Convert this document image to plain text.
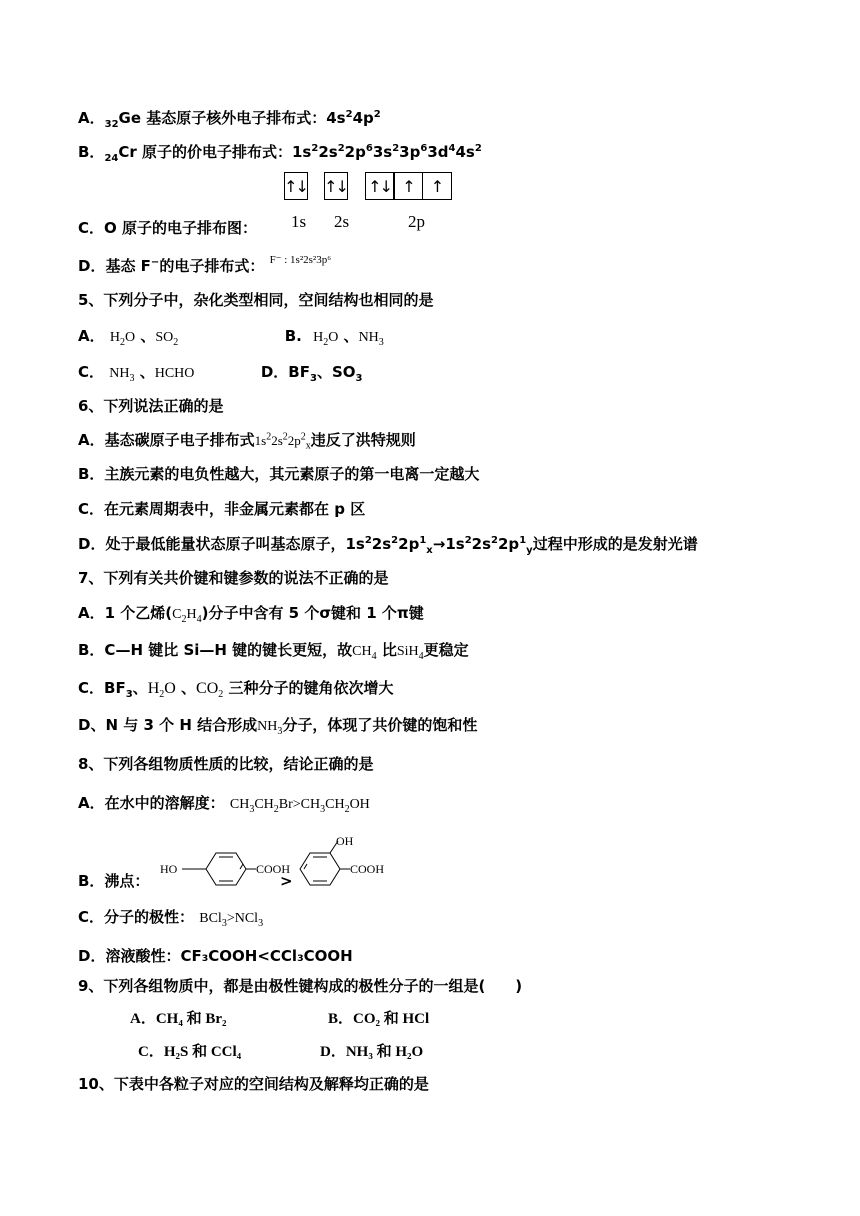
A．$_{32}$Ge 基态原子核外电子排布式：$4s^24p^2$
B．$_{24}$Cr 原子的价电子排布式：$1s^22s^22p^63s^23p^63d^44s^2$
↑↓ ↑↓ ↑↓ ↑	↑
1s 2s	2p
C．O 原子的电子排布图：
D．基态 F−的电子排布式： $^{F^- : 1s^22s^23p^6}$
5、下列分子中，杂化类型相同，空间结构也相同的是
A． $H_2O$ 、$SO_2$	B. $H_2O$ 、$NH_3$
C． $NH_3$ 、HCHO	D．$BF_3$、$SO_3$
6、下列说法正确的是
A．基态碳原子电子排布式$1s^22s^22p^2_x$违反了洪特规则
B．主族元素的电负性越大，其元素原子的第一电离一定越大
C．在元素周期表中，非金属元素都在 p 区
D．处于最低能量状态原子叫基态原子，$1s^22s^22p^1_x\to 1s^22s^22p^1_y$过程中形成的是发射光谱
7、下列有关共价键和键参数的说法不正确的是
A．1 个乙烯$(C_2H_4)$分子中含有 5 个σ键和 1 个π键
B．C—H 键比 Si—H 键的键长更短，故$CH_4$ 比SiH$_4$更稳定
C．$BF_3$、$H_2O$ 、$CO_2$ 三种分子的键角依次增大
D、N 与 3 个 H 结合形成$NH_3$分子，体现了共价键的饱和性
8、下列各组物质性质的比较，结论正确的是
A．在水中的溶解度： $CH_3CH_2Br>CH_3CH_2OH$
B．沸点：
HO	COOH
OH
COOH
>
C．分子的极性： BCl$_3$>NCl$_3$
D．溶液酸性：CF₃COOH<CCl₃COOH
9、下列各组物质中，都是由极性键构成的极性分子的一组是(　　)
A．CH₄ 和 Br₂	B．CO₂ 和 HCl
C．H₂S 和 CCl₄	D．NH₃ 和 H₂O
10、下表中各粒子对应的空间结构及解释均正确的是
